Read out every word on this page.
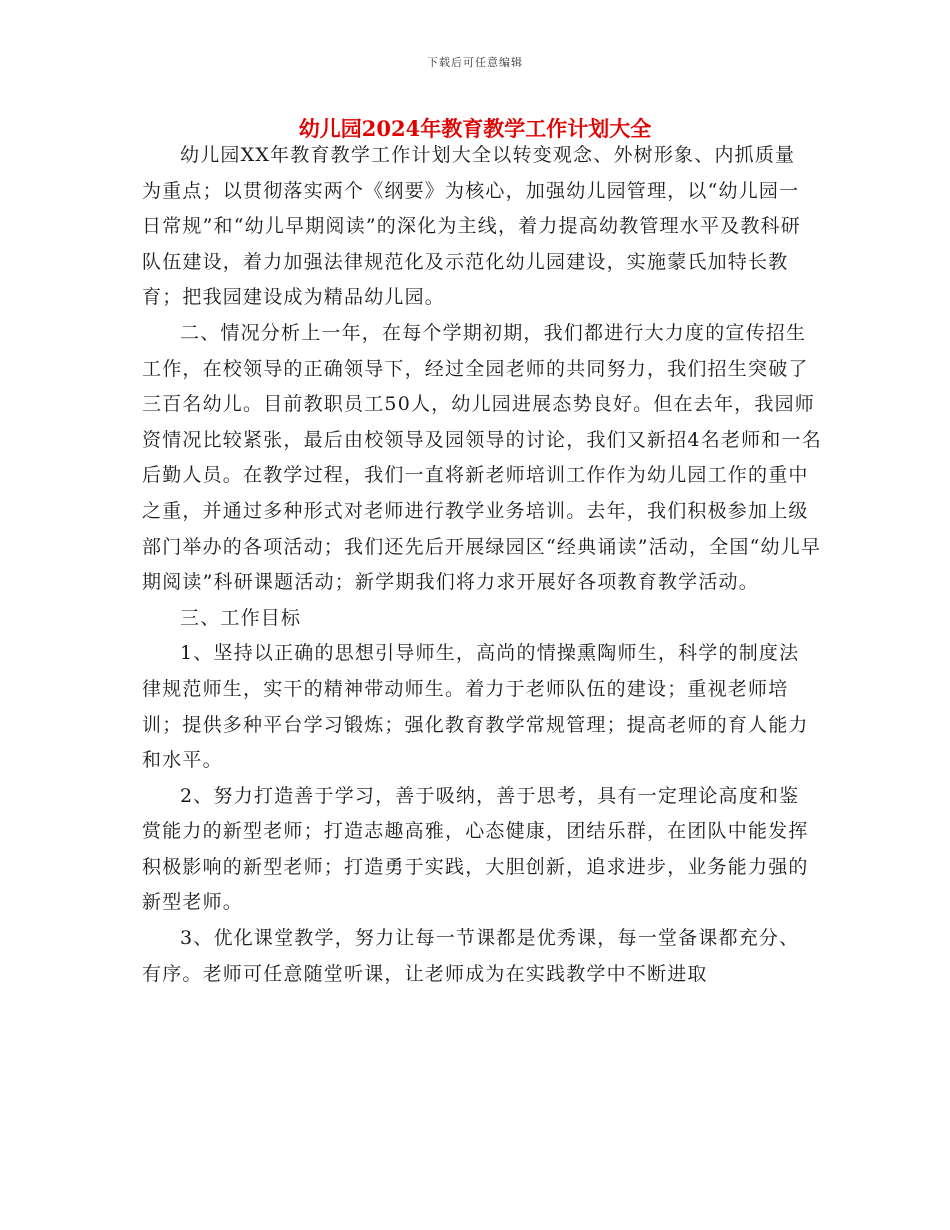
下载后可任意编辑
幼儿园2024年教育教学工作计划大全

幼儿园XX年教育教学工作计划大全以转变观念、外树形象、内抓质量为重点；以贯彻落实两个《纲要》为核心，加强幼儿园管理，以“幼儿园一日常规”和“幼儿早期阅读”的深化为主线，着力提高幼教管理水平及教科研队伍建设，着力加强法律规范化及示范化幼儿园建设，实施蒙氏加特长教育；把我园建设成为精品幼儿园。

二、情况分析上一年，在每个学期初期，我们都进行大力度的宣传招生工作，在校领导的正确领导下，经过全园老师的共同努力，我们招生突破了三百名幼儿。目前教职员工50人，幼儿园进展态势良好。但在去年，我园师资情况比较紧张，最后由校领导及园领导的讨论，我们又新招4名老师和一名后勤人员。在教学过程，我们一直将新老师培训工作作为幼儿园工作的重中之重，并通过多种形式对老师进行教学业务培训。去年，我们积极参加上级部门举办的各项活动；我们还先后开展绿园区“经典诵读”活动，全国“幼儿早期阅读”科研课题活动；新学期我们将力求开展好各项教育教学活动。

三、工作目标

1、坚持以正确的思想引导师生，高尚的情操熏陶师生，科学的制度法律规范师生，实干的精神带动师生。着力于老师队伍的建设；重视老师培训；提供多种平台学习锻炼；强化教育教学常规管理；提高老师的育人能力和水平。

2、努力打造善于学习，善于吸纳，善于思考，具有一定理论高度和鉴赏能力的新型老师；打造志趣高雅，心态健康，团结乐群，在团队中能发挥积极影响的新型老师；打造勇于实践，大胆创新，追求进步，业务能力强的新型老师。

3、优化课堂教学，努力让每一节课都是优秀课，每一堂备课都充分、有序。老师可任意随堂听课，让老师成为在实践教学中不断进取
